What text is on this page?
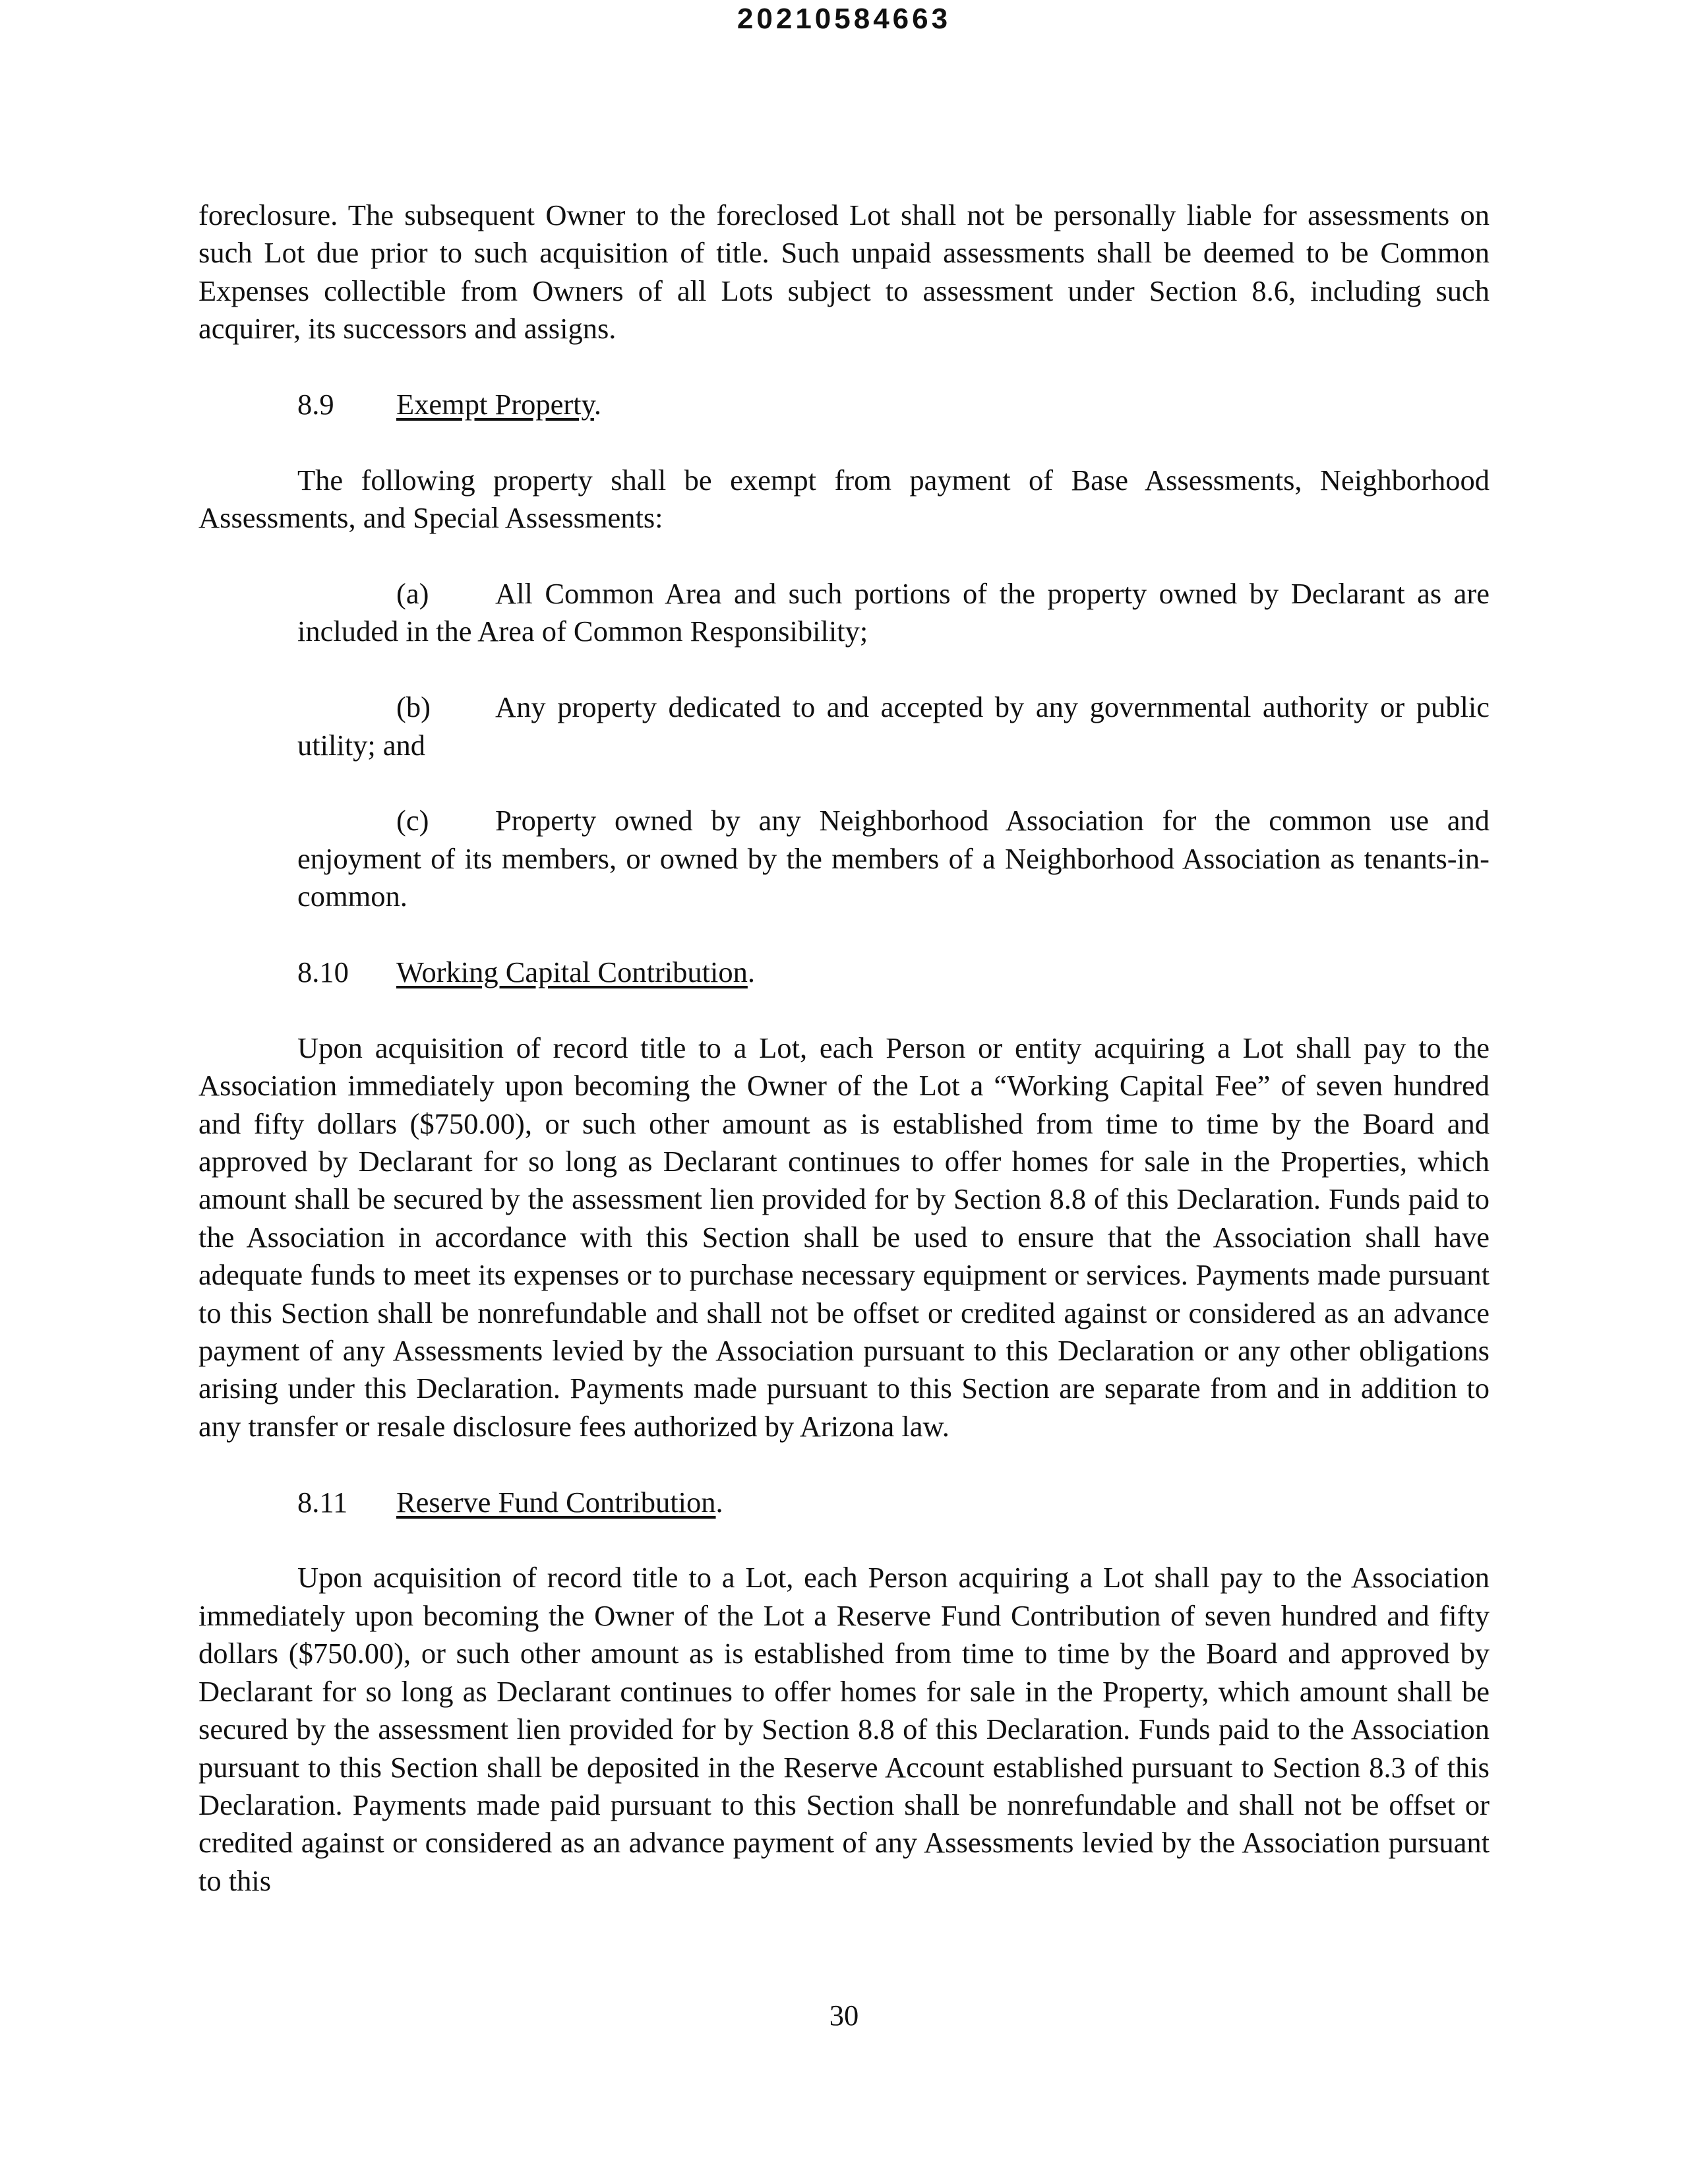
20210584663

foreclosure. The subsequent Owner to the foreclosed Lot shall not be personally liable for assessments on such Lot due prior to such acquisition of title. Such unpaid assessments shall be deemed to be Common Expenses collectible from Owners of all Lots subject to assessment under Section 8.6, including such acquirer, its successors and assigns.

8.9 Exempt Property.

The following property shall be exempt from payment of Base Assessments, Neighborhood Assessments, and Special Assessments:

(a) All Common Area and such portions of the property owned by Declarant as are included in the Area of Common Responsibility;

(b) Any property dedicated to and accepted by any governmental authority or public utility; and

(c) Property owned by any Neighborhood Association for the common use and enjoyment of its members, or owned by the members of a Neighborhood Association as tenants-in-common.

8.10 Working Capital Contribution.

Upon acquisition of record title to a Lot, each Person or entity acquiring a Lot shall pay to the Association immediately upon becoming the Owner of the Lot a “Working Capital Fee” of seven hundred and fifty dollars ($750.00), or such other amount as is established from time to time by the Board and approved by Declarant for so long as Declarant continues to offer homes for sale in the Properties, which amount shall be secured by the assessment lien provided for by Section 8.8 of this Declaration. Funds paid to the Association in accordance with this Section shall be used to ensure that the Association shall have adequate funds to meet its expenses or to purchase necessary equipment or services. Payments made pursuant to this Section shall be nonrefundable and shall not be offset or credited against or considered as an advance payment of any Assessments levied by the Association pursuant to this Declaration or any other obligations arising under this Declaration. Payments made pursuant to this Section are separate from and in addition to any transfer or resale disclosure fees authorized by Arizona law.

8.11 Reserve Fund Contribution.

Upon acquisition of record title to a Lot, each Person acquiring a Lot shall pay to the Association immediately upon becoming the Owner of the Lot a Reserve Fund Contribution of seven hundred and fifty dollars ($750.00), or such other amount as is established from time to time by the Board and approved by Declarant for so long as Declarant continues to offer homes for sale in the Property, which amount shall be secured by the assessment lien provided for by Section 8.8 of this Declaration. Funds paid to the Association pursuant to this Section shall be deposited in the Reserve Account established pursuant to Section 8.3 of this Declaration. Payments made paid pursuant to this Section shall be nonrefundable and shall not be offset or credited against or considered as an advance payment of any Assessments levied by the Association pursuant to this

30
